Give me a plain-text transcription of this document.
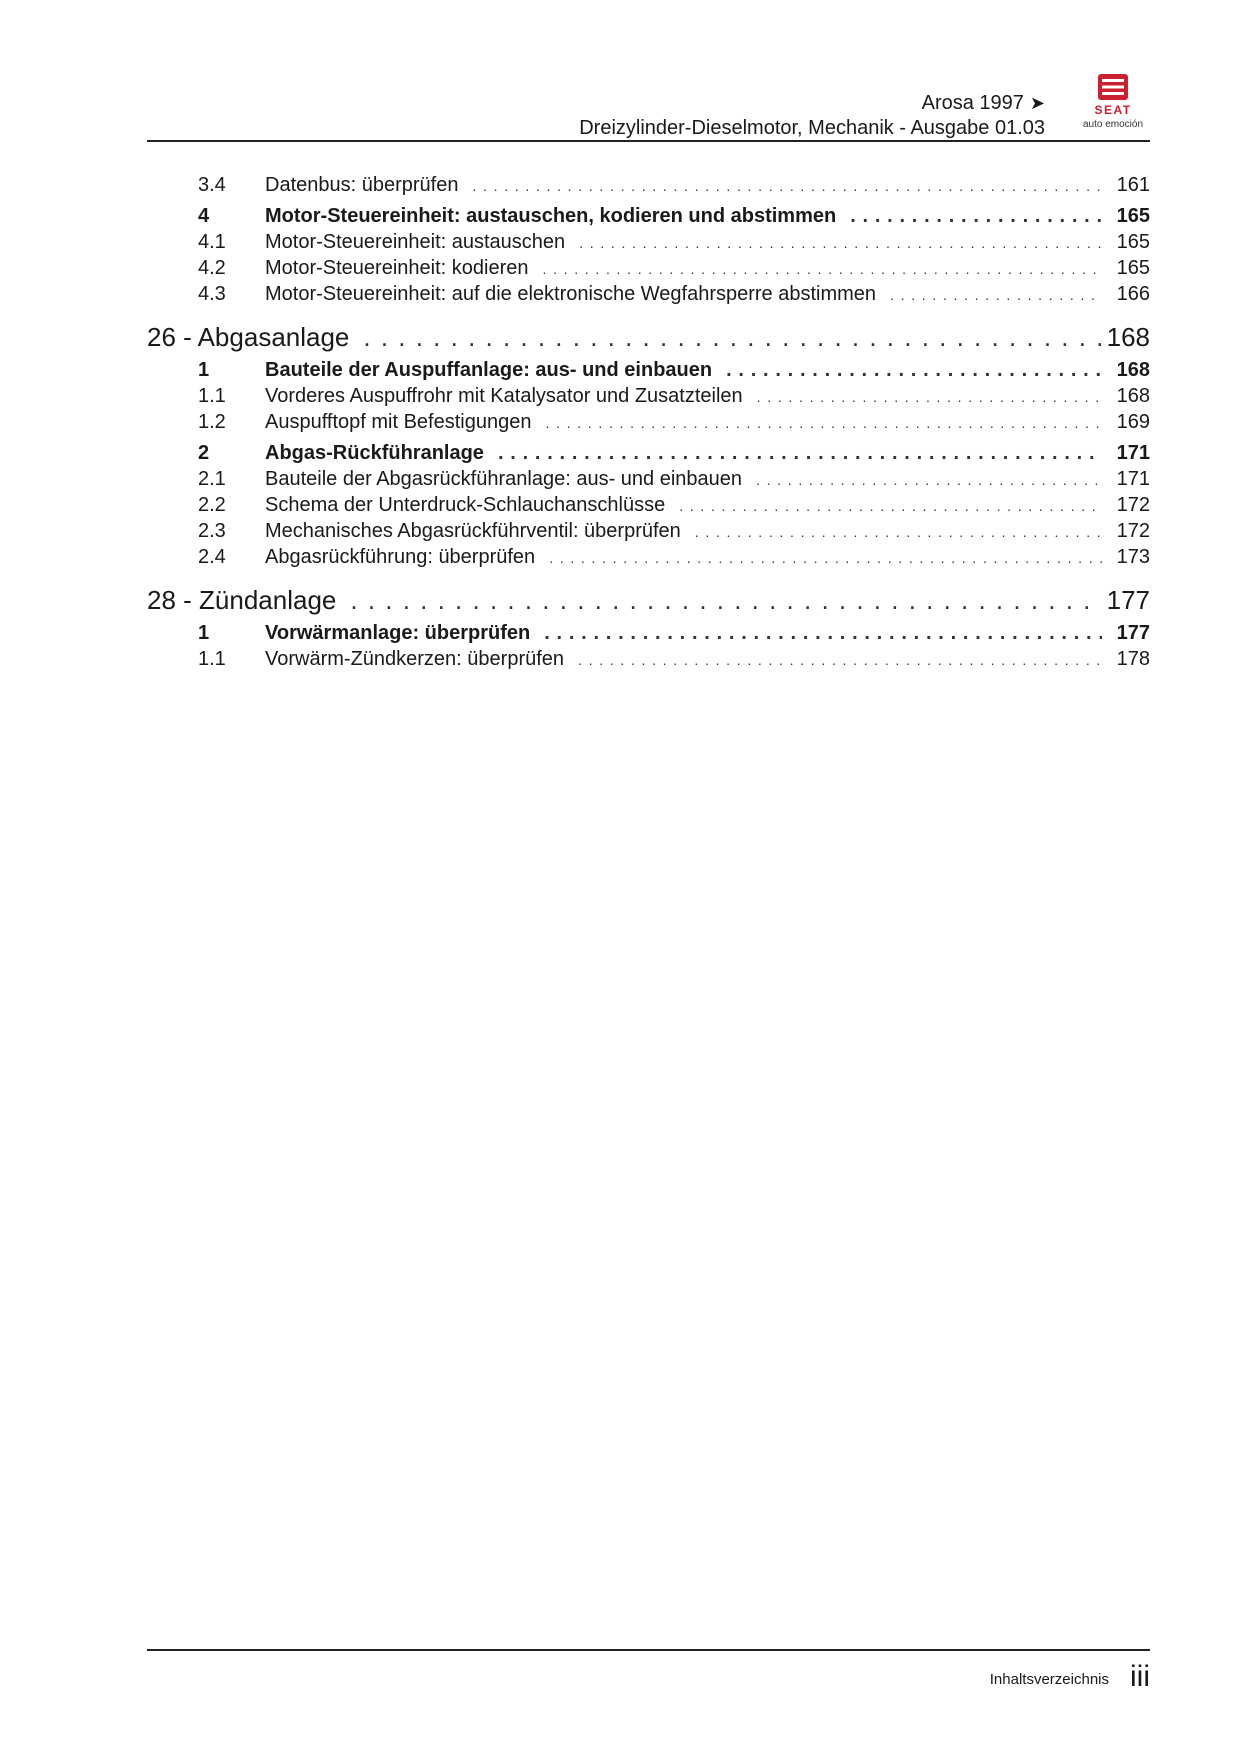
Arosa 1997 ➤
Dreizylinder-Dieselmotor, Mechanik - Ausgabe 01.03
SEAT
auto emoción
3.4 Datenbus: überprüfen . . .	161
4	Motor-Steuereinheit: austauschen, kodieren und abstimmen . . .	165
4.1 Motor-Steuereinheit: austauschen . . .	165
4.2 Motor-Steuereinheit: kodieren . . .	165
4.3 Motor-Steuereinheit: auf die elektronische Wegfahrsperre abstimmen . . .	166
26 - Abgasanlage . . .	168
1	Bauteile der Auspuffanlage: aus- und einbauen . . .	168
1.1 Vorderes Auspuffrohr mit Katalysator und Zusatzteilen . . .	168
1.2 Auspufftopf mit Befestigungen . . .	169
2	Abgas-Rückführanlage . . .	171
2.1 Bauteile der Abgasrückführanlage: aus- und einbauen . . .	171
2.2 Schema der Unterdruck-Schlauchanschlüsse . . .	172
2.3 Mechanisches Abgasrückführventil: überprüfen . . .	172
2.4 Abgasrückführung: überprüfen . . .	173
28 - Zündanlage . . .	177
1	Vorwärmanlage: überprüfen . . .	177
1.1 Vorwärm-Zündkerzen: überprüfen . . .	178
Inhaltsverzeichnis iii
